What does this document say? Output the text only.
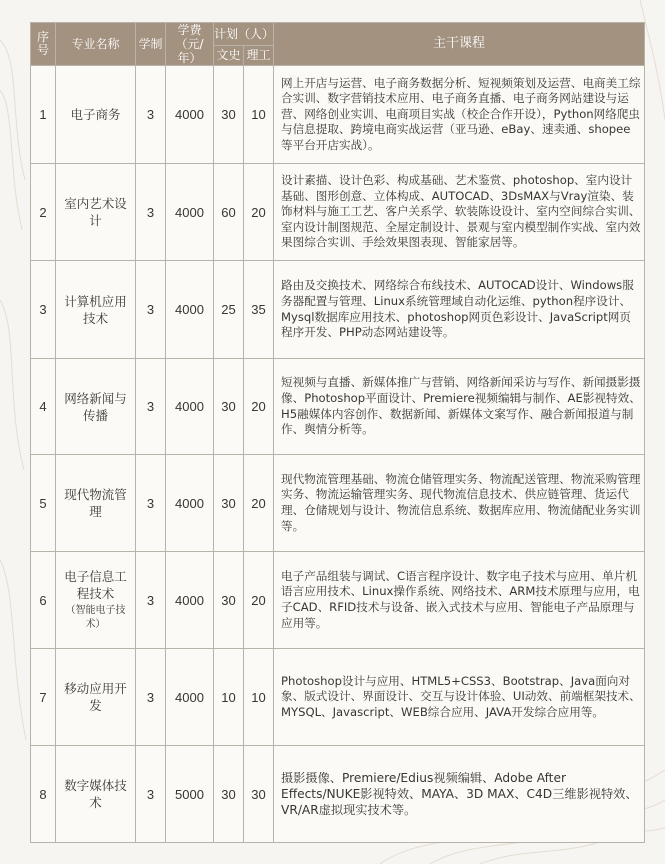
序号	专业名称	学制	学费（元/年）	计划（人）		主干课程
				文史	理工	
1	电子商务	3	4000	30	10	网上开店与运营、电子商务数据分析、短视频策划及运营、电商美工综合实训、数字营销技术应用、电子商务直播、电子商务网站建设与运营、网络创业实训、电商项目实战（校企合作开设），Python网络爬虫与信息提取、跨境电商实战运营（亚马逊、eBay、速卖通、shopee等平台开店实战）。
2	室内艺术设计	3	4000	60	20	设计素描、设计色彩、构成基础、艺术鉴赏、photoshop、室内设计基础、图形创意、立体构成、AUTOCAD、3DsMAX与Vray渲染、装饰材料与施工工艺、客户关系学、软装陈设设计、室内空间综合实训、室内设计制图规范、全屋定制设计、景观与室内模型制作实战、室内效果图综合实训、手绘效果图表现、智能家居等。
3	计算机应用技术	3	4000	25	35	路由及交换技术、网络综合布线技术、AUTOCAD设计、Windows服务器配置与管理、Linux系统管理域自动化运维、python程序设计、Mysql数据库应用技术、photoshop网页色彩设计、JavaScript网页程序开发、PHP动态网站建设等。
4	网络新闻与传播	3	4000	30	20	短视频与直播、新媒体推广与营销、网络新闻采访与写作、新闻摄影摄像、Photoshop平面设计、Premiere视频编辑与制作、AE影视特效、H5融媒体内容创作、数据新闻、新媒体文案写作、融合新闻报道与制作、舆情分析等。
5	现代物流管理	3	4000	30	20	现代物流管理基础、物流仓储管理实务、物流配送管理、物流采购管理实务、物流运输管理实务、现代物流信息技术、供应链管理、货运代理、仓储规划与设计、物流信息系统、数据库应用、物流储配业务实训等。
6	电子信息工程技术
（智能电子技术）	3	4000	30	20	电子产品组装与调试、C语言程序设计、数字电子技术与应用、单片机语言应用技术、Linux操作系统、网络技术、ARM技术原理与应用，电子CAD、RFID技术与设备、嵌入式技术与应用、智能电子产品原理与应用等。
7	移动应用开发	3	4000	10	10	Photoshop设计与应用、HTML5+CSS3、Bootstrap、Java面向对象、版式设计、界面设计、交互与设计体验、UI动效、前端框架技术、MYSQL、Javascript、WEB综合应用、JAVA开发综合应用等。
8	数字媒体技术	3	5000	30	30	摄影摄像、Premiere/Edius视频编辑、Adobe After Effects/NUKE影视特效、MAYA、3D MAX、C4D三维影视特效、VR/AR虚拟现实技术等。
